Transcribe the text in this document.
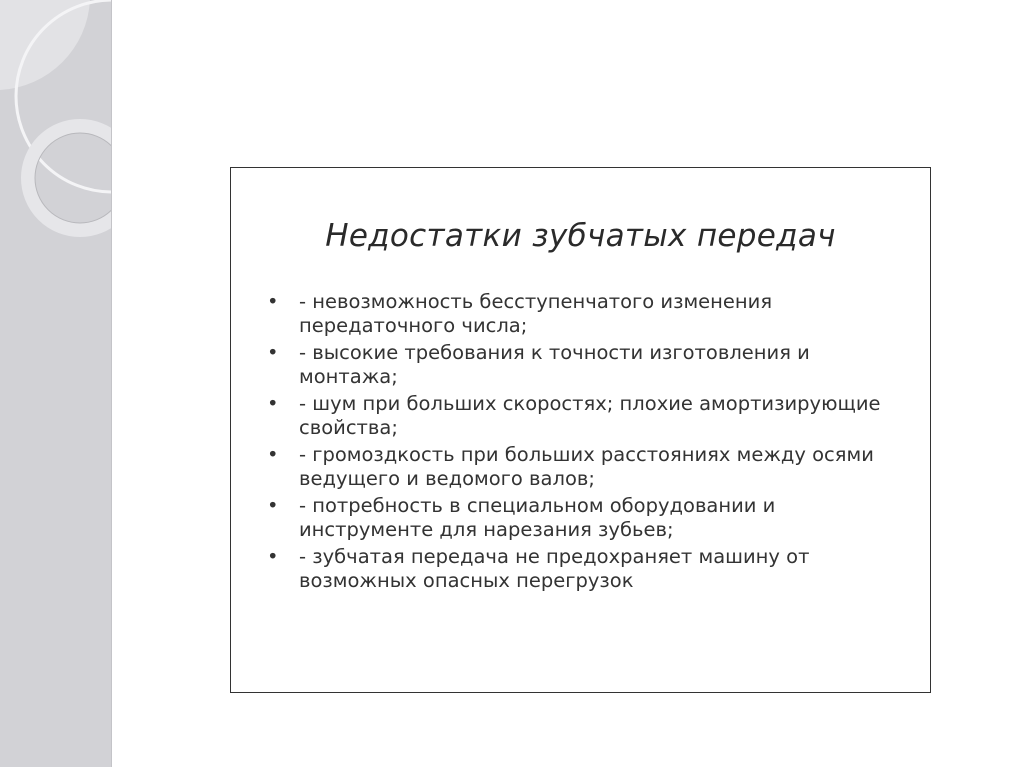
Недостатки зубчатых передач
• - невозможность бесступенчатого изменения передаточного числа;
• - высокие требования к точности изготовления и монтажа;
• - шум при больших скоростях; плохие амортизирующие свойства;
• - громоздкость при больших расстояниях между осями ведущего и ведомого валов;
• - потребность в специальном оборудовании и инструменте для нарезания зубьев;
• - зубчатая передача не предохраняет машину от возможных опасных перегрузок
